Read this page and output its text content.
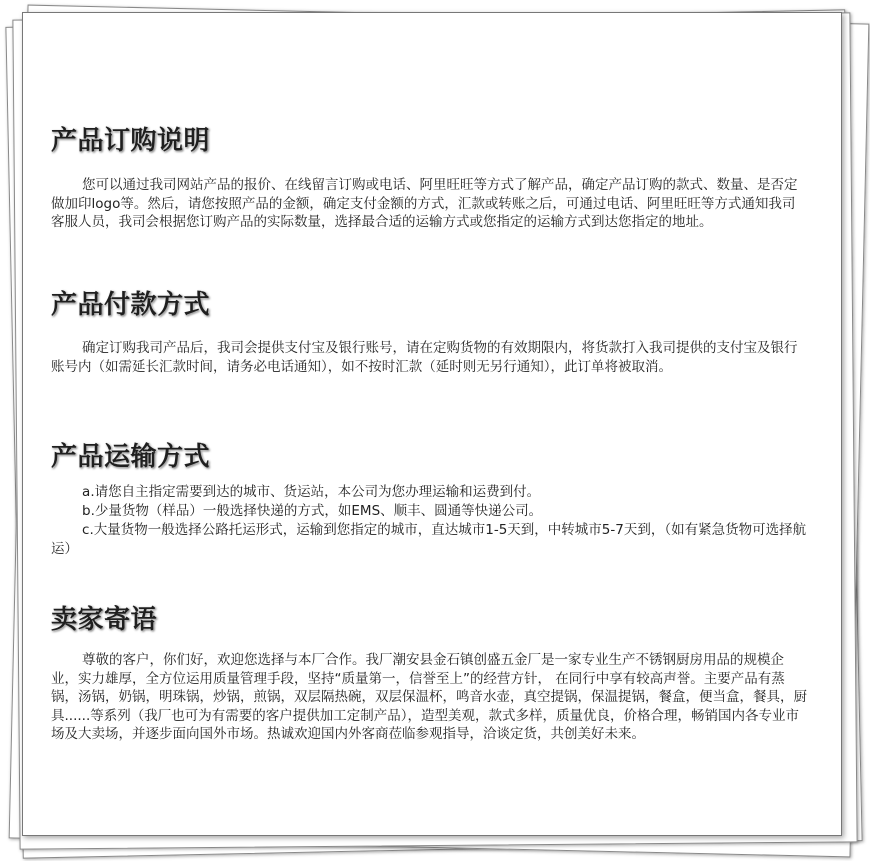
产品订购说明

您可以通过我司网站产品的报价、在线留言订购或电话、阿里旺旺等方式了解产品，确定产品订购的款式、数量、是否定做加印logo等。然后，请您按照产品的金额，确定支付金额的方式，汇款或转账之后，可通过电话、阿里旺旺等方式通知我司客服人员，我司会根据您订购产品的实际数量，选择最合适的运输方式或您指定的运输方式到达您指定的地址。

产品付款方式

确定订购我司产品后，我司会提供支付宝及银行账号，请在定购货物的有效期限内，将货款打入我司提供的支付宝及银行账号内（如需延长汇款时间，请务必电话通知），如不按时汇款（延时则无另行通知），此订单将被取消。

产品运输方式

a.请您自主指定需要到达的城市、货运站，本公司为您办理运输和运费到付。

b.少量货物（样品）一般选择快递的方式，如EMS、顺丰、圆通等快递公司。

c.大量货物一般选择公路托运形式，运输到您指定的城市，直达城市1-5天到，中转城市5-7天到，（如有紧急货物可选择航运）

卖家寄语

尊敬的客户，你们好，欢迎您选择与本厂合作。我厂潮安县金石镇创盛五金厂是一家专业生产不锈钢厨房用品的规模企业，实力雄厚，全方位运用质量管理手段，坚持“质量第一，信誉至上”的经营方针， 在同行中享有较高声誉。主要产品有蒸锅，汤锅，奶锅，明珠锅，炒锅，煎锅，双层隔热碗，双层保温杯，鸣音水壶，真空提锅，保温提锅，餐盒，便当盒，餐具，厨具......等系列（我厂也可为有需要的客户提供加工定制产品），造型美观，款式多样，质量优良，价格合理，畅销国内各专业市场及大卖场，并逐步面向国外市场。热诚欢迎国内外客商莅临参观指导，洽谈定货，共创美好未来。
